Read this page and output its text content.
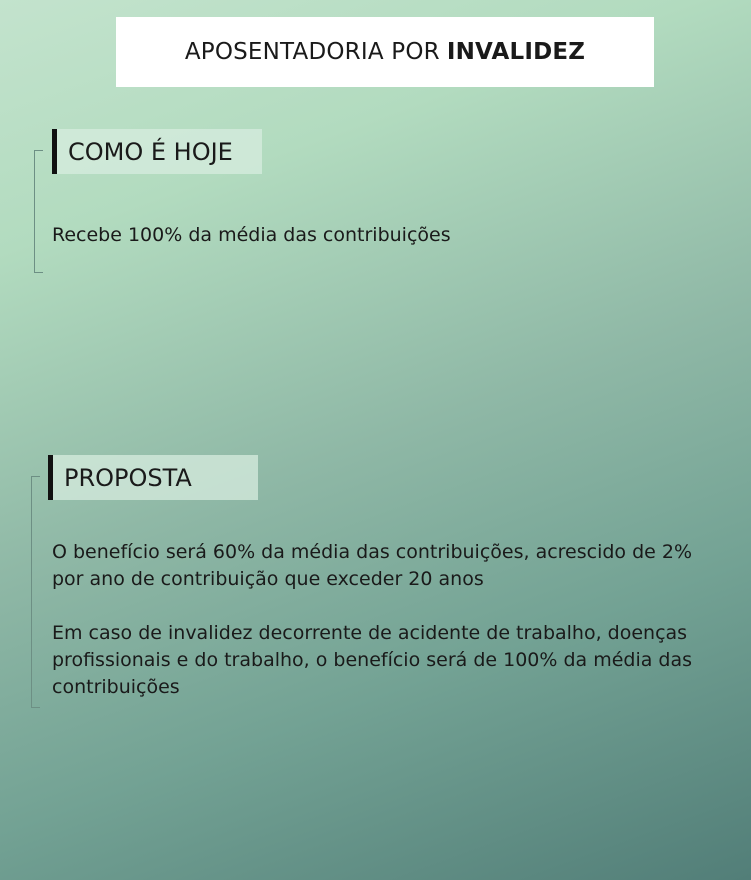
APOSENTADORIA POR INVALIDEZ
COMO É HOJE
Recebe 100% da média das contribuições
PROPOSTA
O benefício será 60% da média das contribuições, acrescido de 2% por ano de contribuição que exceder 20 anos
Em caso de invalidez decorrente de acidente de trabalho, doenças profissionais e do trabalho, o benefício será de 100% da média das contribuições
